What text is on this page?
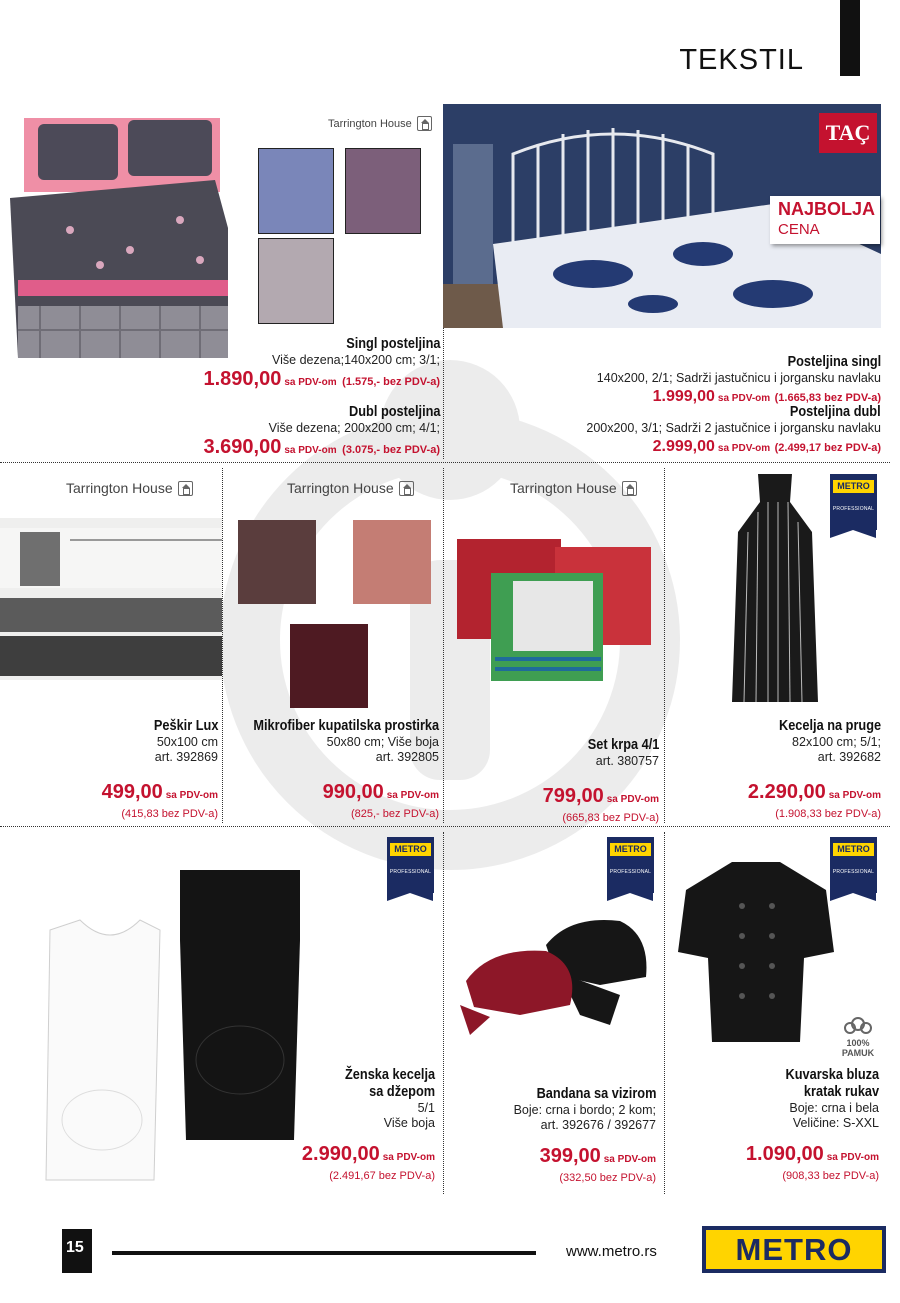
TEKSTIL
Tarrington House
Singl posteljina
Više dezena;140x200 cm; 3/1;
1.890,00 sa PDV-om (1.575,- bez PDV-a)
Dubl posteljina
Više dezena; 200x200 cm; 4/1;
3.690,00 sa PDV-om (3.075,- bez PDV-a)
TAÇ
NAJBOLJA
CENA
Posteljina singl
140x200, 2/1; Sadrži jastučnicu i jorgansku navlaku
1.999,00 sa PDV-om (1.665,83 bez PDV-a)
Posteljina dubl
200x200, 3/1; Sadrži 2 jastučnice i jorgansku navlaku
2.999,00 sa PDV-om (2.499,17 bez PDV-a)
Tarrington House
Peškir Lux
50x100 cm
art. 392869
499,00 sa PDV-om
(415,83 bez PDV-a)
Tarrington House
Mikrofiber kupatilska prostirka
50x80 cm; Više boja
art. 392805
990,00 sa PDV-om
(825,- bez PDV-a)
Tarrington House
Set krpa 4/1
art. 380757
799,00 sa PDV-om
(665,83 bez PDV-a)
METRO
PROFESSIONAL
Kecelja na pruge
82x100 cm; 5/1;
art. 392682
2.290,00 sa PDV-om
(1.908,33 bez PDV-a)
METRO
PROFESSIONAL
Ženska kecelja
sa džepom
5/1
Više boja
2.990,00 sa PDV-om
(2.491,67 bez PDV-a)
METRO
PROFESSIONAL
Bandana sa vizirom
Boje: crna i bordo; 2 kom;
art. 392676 / 392677
399,00 sa PDV-om
(332,50 bez PDV-a)
METRO
PROFESSIONAL
100%
PAMUK
Kuvarska bluza
kratak rukav
Boje: crna i bela
Veličine: S-XXL
1.090,00 sa PDV-om
(908,33 bez PDV-a)
15	www.metro.rs	METRO
